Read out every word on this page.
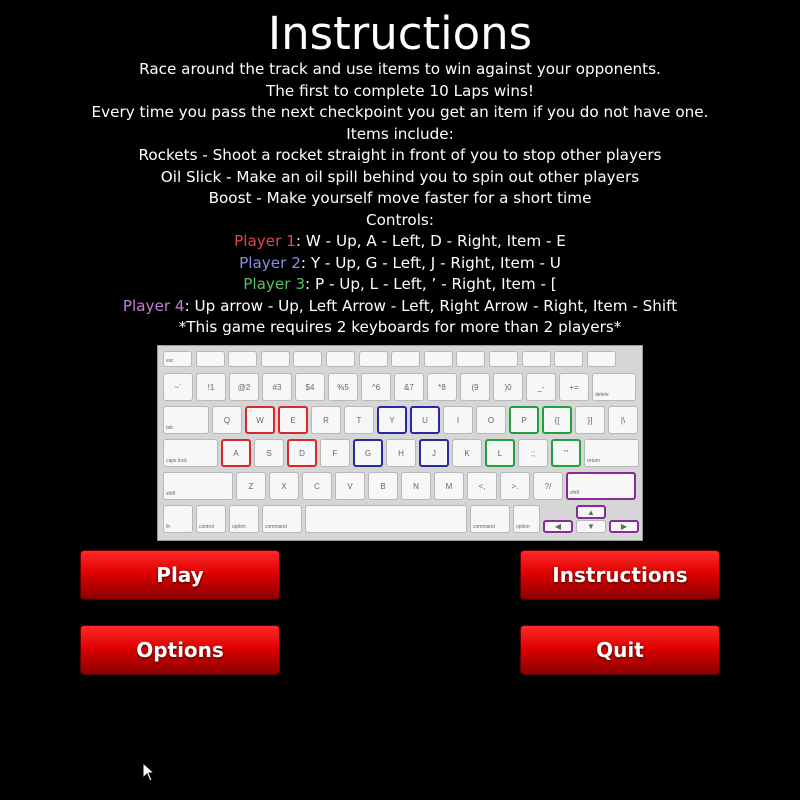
Instructions
Race around the track and use items to win against your opponents.
The first to complete 10 Laps wins!
Every time you pass the next checkpoint you get an item if you do not have one.
Items include:
Rockets - Shoot a rocket straight in front of you to stop other players
Oil Slick - Make an oil spill behind you to spin out other players
Boost - Make yourself move faster for a short time
Controls:
Player 1: W - Up, A - Left, D - Right, Item - E
Player 2: Y - Up, G - Left, J - Right, Item - U
Player 3: P - Up, L - Left, ’ - Right, Item - [
Player 4: Up arrow - Up, Left Arrow - Left, Right Arrow - Right, Item - Shift
*This game requires 2 keyboards for more than 2 players*
esc
~`	!1	@2	#3	$4	%5	^6	&7	*8	(9	)0	_-	+=
delete
tab
Q	W	E	R	T	Y	U	I	O	P	{[	}]	|\
caps lock
A	S	D	F	G	H	J	K	L	:;	"'
return
shift
Z	X	C	V	B	N	M	<,	>.	?/
shift
fn	control	option	command	command	option
▲
◀	▼	▶
Play	Instructions
Options	Quit
